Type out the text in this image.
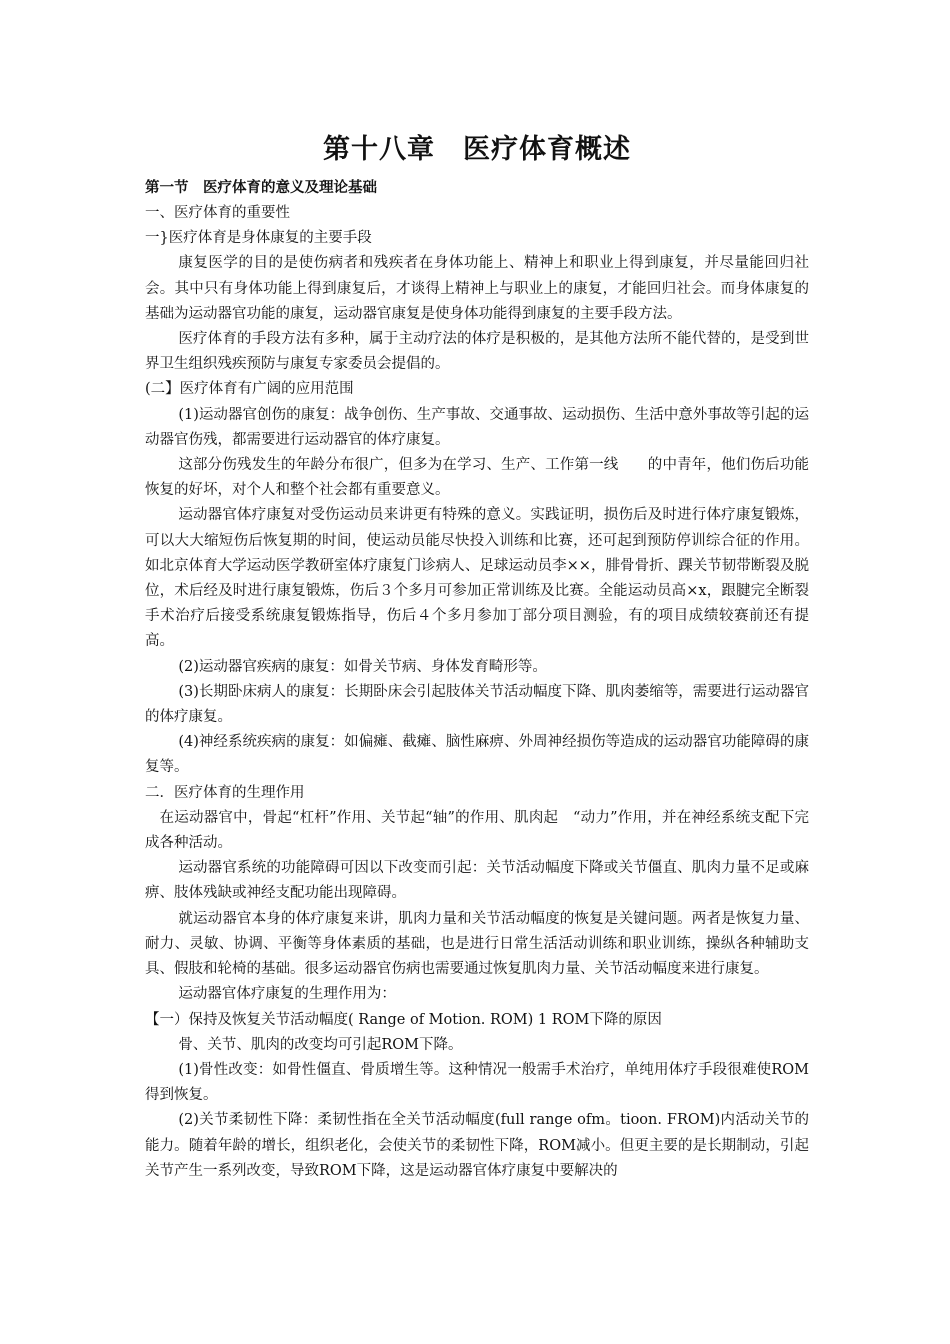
第十八章　医疗体育概述

第一节　医疗体育的意义及理论基础

一、医疗体育的重要性

一}医疗体育是身体康复的主要手段

康复医学的目的是使伤病者和残疾者在身体功能上、精神上和职业上得到康复，并尽量能回归社会。其中只有身体功能上得到康复后，才谈得上精神上与职业上的康复，才能回归社会。而身体康复的基础为运动器官功能的康复，运动器官康复是使身体功能得到康复的主要手段方法。

医疗体育的手段方法有多种，属于主动疗法的体疗是积极的，是其他方法所不能代替的，是受到世界卫生组织残疾预防与康复专家委员会提倡的。

(二】医疗体育有广阔的应用范围

(1)运动器官创伤的康复：战争创伤、生产事故、交通事故、运动损伤、生活中意外事故等引起的运动器官伤残，都需要进行运动器官的体疗康复。

这部分伤残发生的年龄分布很广，但多为在学习、生产、工作第一线　　的中青年，他们伤后功能恢复的好坏，对个人和整个社会都有重要意义。

运动器官体疗康复对受伤运动员来讲更有特殊的意义。实践证明，损伤后及时进行体疗康复锻炼，可以大大缩短伤后恢复期的时间，使运动员能尽快投入训练和比赛，还可起到预防停训综合征的作用。如北京体育大学运动医学教研室体疗康复门诊病人、足球运动员李××，腓骨骨折、踝关节韧带断裂及脱位，术后经及时进行康复锻炼，伤后３个多月可参加正常训练及比赛。全能运动员高×x，跟腱完全断裂手术治疗后接受系统康复锻炼指导，伤后４个多月参加丁部分项目测验，有的项目成绩较赛前还有提高。

(2)运动器官疾病的康复：如骨关节病、身体发育畸形等。

(3)长期卧床病人的康复：长期卧床会引起肢体关节活动幅度下降、肌肉萎缩等，需要进行运动器官的体疗康复。

(4)神经系统疾病的康复：如偏瘫、截瘫、脑性麻痹、外周神经损伤等造成的运动器官功能障碍的康复等。

二．医疗体育的生理作用

在运动器官中，骨起“杠杆”作用、关节起“轴”的作用、肌肉起　“动力”作用，并在神经系统支配下完成各种活动。

运动器官系统的功能障碍可因以下改变而引起：关节活动幅度下降或关节僵直、肌肉力量不足或麻痹、肢体残缺或神经支配功能出现障碍。

就运动器官本身的体疗康复来讲，肌肉力量和关节活动幅度的恢复是关键问题。两者是恢复力量、耐力、灵敏、协调、平衡等身体素质的基础，也是进行日常生活活动训练和职业训练，操纵各种辅助支具、假肢和轮椅的基础。很多运动器官伤病也需要通过恢复肌肉力量、关节活动幅度来进行康复。

运动器官体疗康复的生理作用为：

【一）保持及恢复关节活动幅度( Range of Motion. ROM) 1 ROM下降的原因

骨、关节、肌肉的改变均可引起ROM下降。

(1)骨性改变：如骨性僵直、骨质增生等。这种情况一般需手术治疗，单纯用体疗手段很难使ROM得到恢复。

(2)关节柔韧性下降：柔韧性指在全关节活动幅度(full range ofm。tioon. FROM)内活动关节的能力。随着年龄的增长，组织老化，会使关节的柔韧性下降，ROM减小。但更主要的是长期制动，引起关节产生一系列改变，导致ROM下降，这是运动器官体疗康复中要解决的
